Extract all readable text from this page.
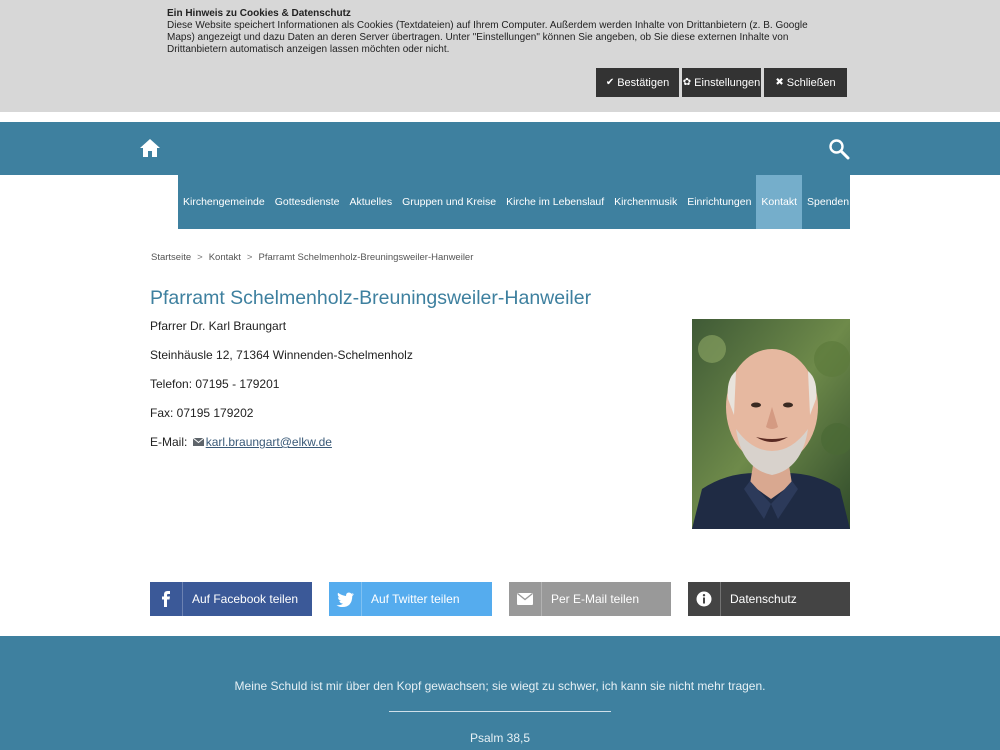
Ein Hinweis zu Cookies & Datenschutz
Diese Website speichert Informationen als Cookies (Textdateien) auf Ihrem Computer. Außerdem werden Inhalte von Drittanbietern (z. B. Google Maps) angezeigt und dazu Daten an deren Server übertragen. Unter "Einstellungen" können Sie angeben, ob Sie diese externen Inhalte von Drittanbietern automatisch anzeigen lassen möchten oder nicht.
✔ Bestätigen ✿ Einstellungen ✖ Schließen
Kirchengemeinde Gottesdienste Aktuelles Gruppen und Kreise Kirche im Lebenslauf Kirchenmusik Einrichtungen Kontakt Spenden
Startseite > Kontakt > Pfarramt Schelmenholz-Breuningsweiler-Hanweiler
Pfarramt Schelmenholz-Breuningsweiler-Hanweiler

Pfarrer Dr. Karl Braungart

Steinhäusle 12, 71364 Winnenden-Schelmenholz

Telefon: 07195 - 179201

Fax: 07195 179202

E-Mail: karl.braungart@elkw.de

Auf Facebook teilen	Auf Twitter teilen	Per E-Mail teilen	Datenschutz
Meine Schuld ist mir über den Kopf gewachsen; sie wiegt zu schwer, ich kann sie nicht mehr tragen.
Psalm 38,5
